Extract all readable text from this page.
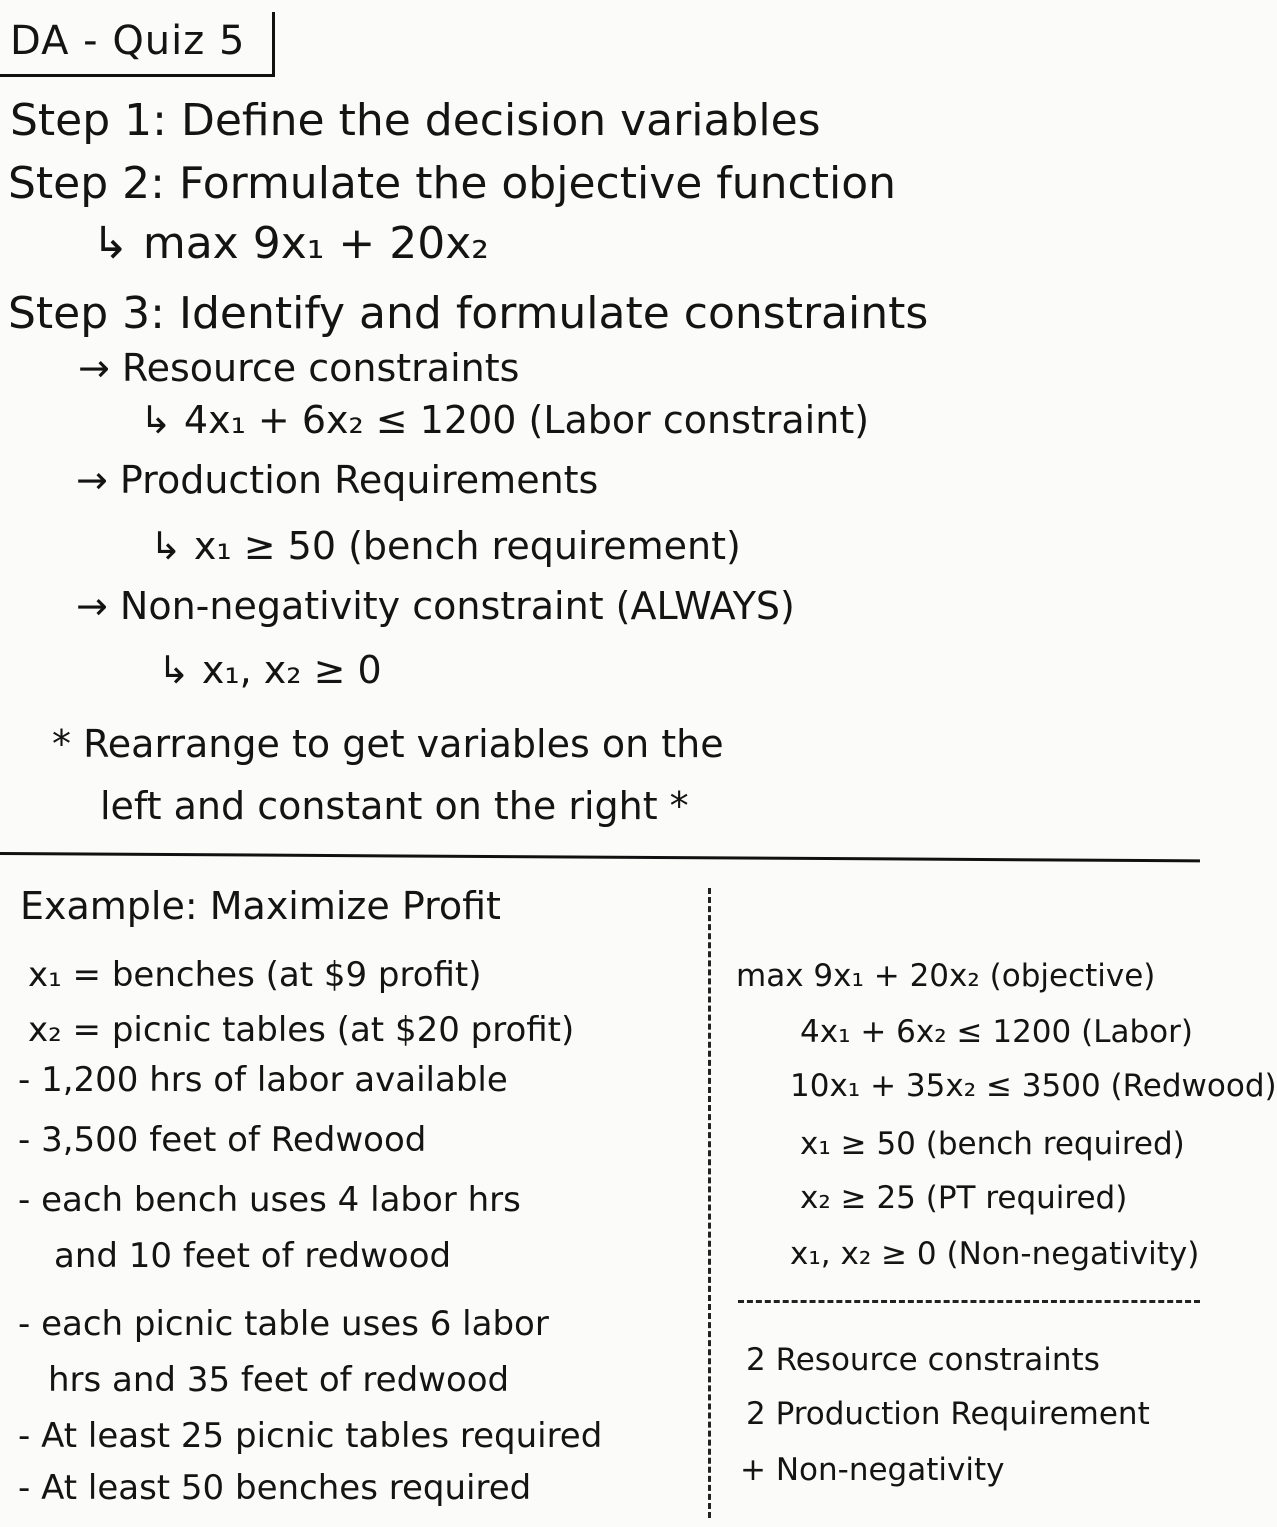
DA - Quiz 5
Step 1: Define the decision variables
Step 2: Formulate the objective function
↳ max 9x₁ + 20x₂
Step 3: Identify and formulate constraints
→ Resource constraints
↳ 4x₁ + 6x₂ ≤ 1200 (Labor constraint)
→ Production Requirements
↳ x₁ ≥ 50 (bench requirement)
→ Non-negativity constraint (ALWAYS)
↳ x₁, x₂ ≥ 0
* Rearrange to get variables on the
left and constant on the right *
Example: Maximize Profit
x₁ = benches (at $9 profit)
x₂ = picnic tables (at $20 profit)
- 1,200 hrs of labor available
- 3,500 feet of Redwood
- each bench uses 4 labor hrs
and 10 feet of redwood
- each picnic table uses 6 labor
hrs and 35 feet of redwood
- At least 25 picnic tables required
- At least 50 benches required
max 9x₁ + 20x₂ (objective)
4x₁ + 6x₂ ≤ 1200 (Labor)
10x₁ + 35x₂ ≤ 3500 (Redwood)
x₁ ≥ 50 (bench required)
x₂ ≥ 25 (PT required)
x₁, x₂ ≥ 0 (Non-negativity)
2 Resource constraints
2 Production Requirement
+ Non-negativity
